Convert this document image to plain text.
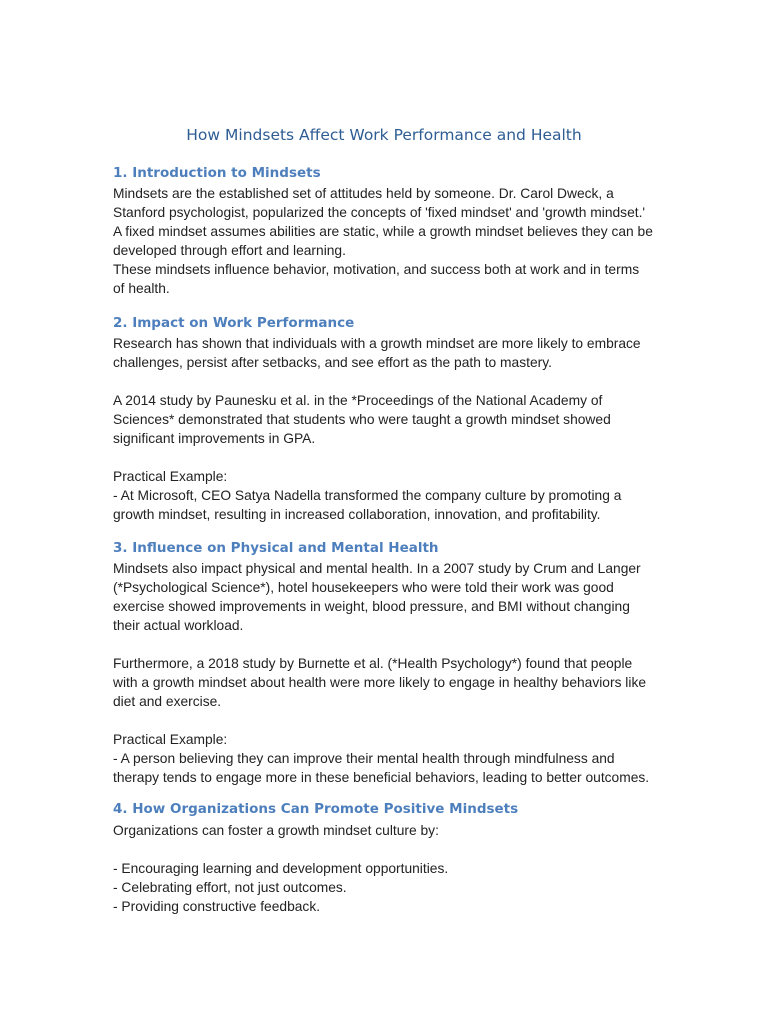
How Mindsets Affect Work Performance and Health
1. Introduction to Mindsets
Mindsets are the established set of attitudes held by someone. Dr. Carol Dweck, a
Stanford psychologist, popularized the concepts of 'fixed mindset' and 'growth mindset.'
A fixed mindset assumes abilities are static, while a growth mindset believes they can be
developed through effort and learning.
These mindsets influence behavior, motivation, and success both at work and in terms
of health.
2. Impact on Work Performance
Research has shown that individuals with a growth mindset are more likely to embrace
challenges, persist after setbacks, and see effort as the path to mastery.
A 2014 study by Paunesku et al. in the *Proceedings of the National Academy of
Sciences* demonstrated that students who were taught a growth mindset showed
significant improvements in GPA.
Practical Example:
- At Microsoft, CEO Satya Nadella transformed the company culture by promoting a
growth mindset, resulting in increased collaboration, innovation, and profitability.
3. Influence on Physical and Mental Health
Mindsets also impact physical and mental health. In a 2007 study by Crum and Langer
(*Psychological Science*), hotel housekeepers who were told their work was good
exercise showed improvements in weight, blood pressure, and BMI without changing
their actual workload.
Furthermore, a 2018 study by Burnette et al. (*Health Psychology*) found that people
with a growth mindset about health were more likely to engage in healthy behaviors like
diet and exercise.
Practical Example:
- A person believing they can improve their mental health through mindfulness and
therapy tends to engage more in these beneficial behaviors, leading to better outcomes.
4. How Organizations Can Promote Positive Mindsets
Organizations can foster a growth mindset culture by:
- Encouraging learning and development opportunities.
- Celebrating effort, not just outcomes.
- Providing constructive feedback.
